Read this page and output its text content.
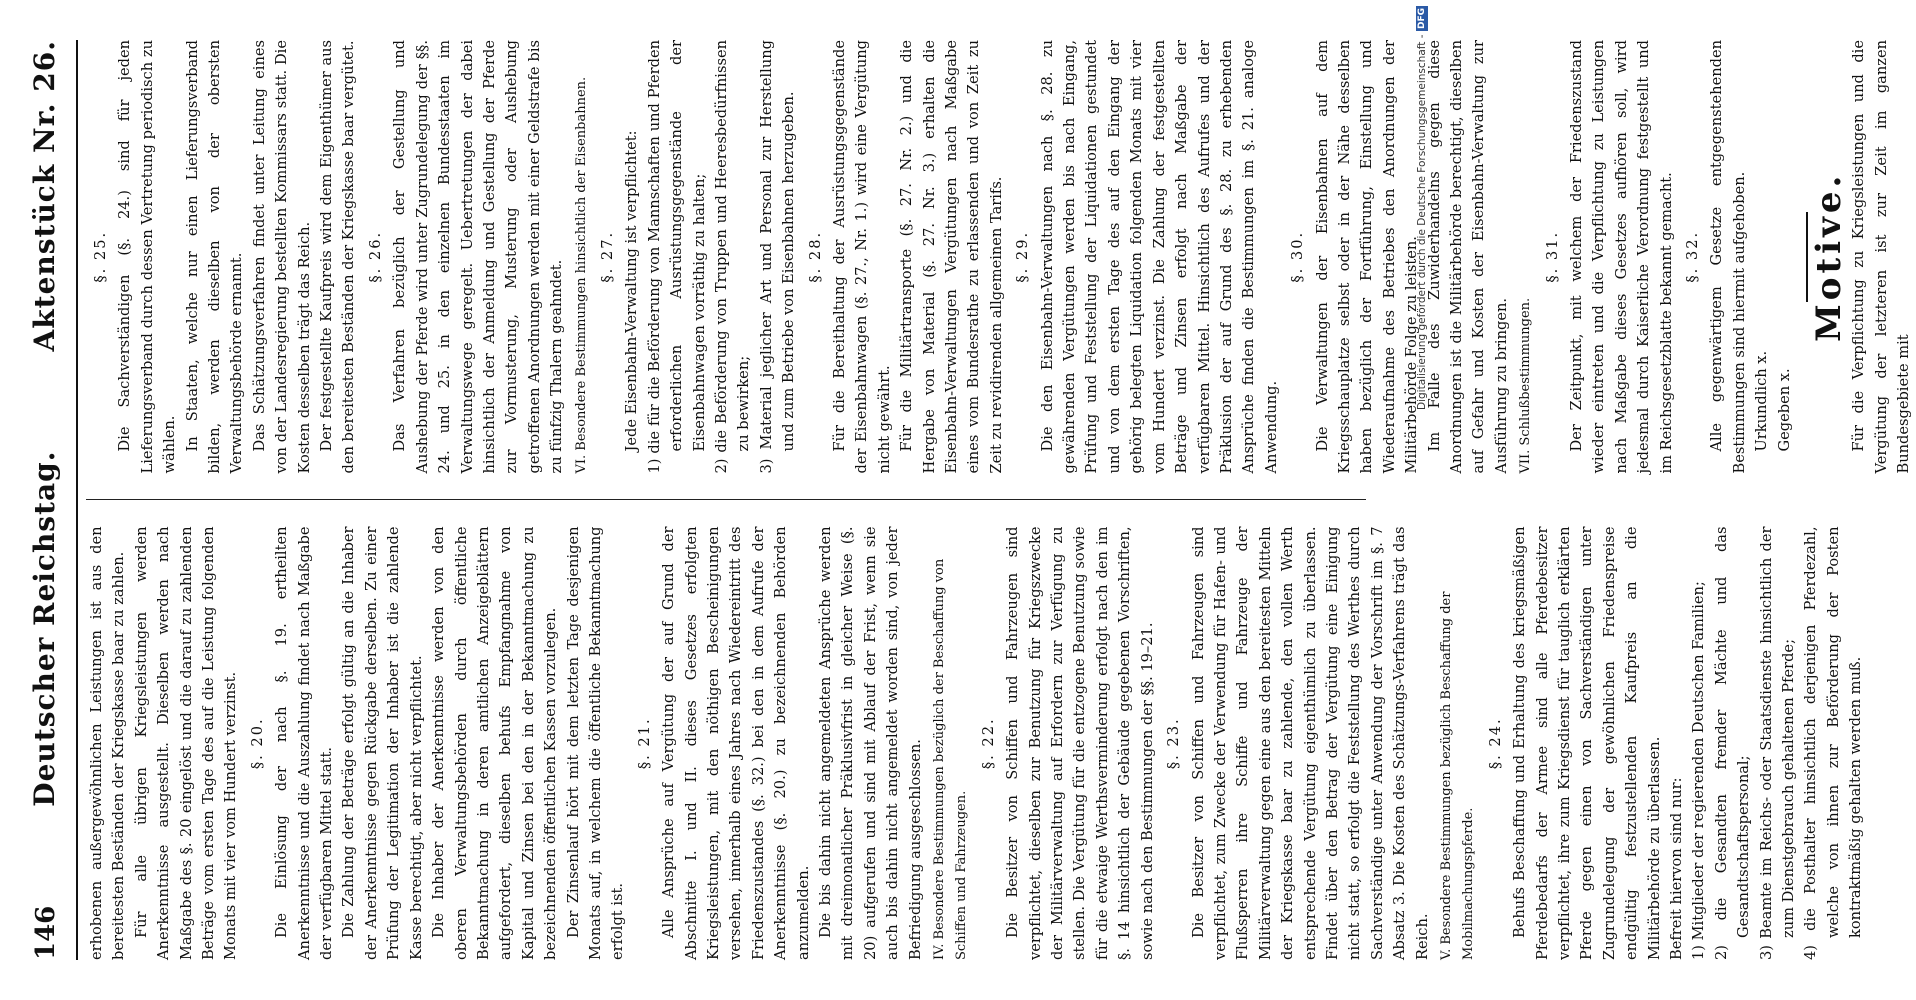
146
Deutscher Reichstag.
Aktenstück Nr. 26.

erhobenen außergewöhnlichen Leistungen ist aus den bereitesten Beständen der Kriegskasse baar zu zahlen. Für alle übrigen Kriegsleistungen werden Anerkenntnisse ausgestellt. Dieselben werden nach Maßgabe des §. 20 eingelöst und die darauf zu zahlenden Beträge vom ersten Tage des auf die Leistung folgenden Monats mit vier vom Hundert verzinst. §. 20. Die Einlösung der nach §. 19. ertheilten Anerkenntnisse und die Auszahlung findet nach Maßgabe der verfügbaren Mittel statt. Die Zahlung der Beträge erfolgt gültig an die Inhaber der Anerkenntnisse gegen Rückgabe derselben. Zu einer Prüfung der Legitimation der Inhaber ist die zahlende Kasse berechtigt, aber nicht verpflichtet. Die Inhaber der Anerkenntnisse werden von den oberen Verwaltungsbehörden durch öffentliche Bekanntmachung in deren amtlichen Anzeigeblättern aufgefordert, dieselben behufs Empfangnahme von Kapital und Zinsen bei den in der Bekanntmachung zu bezeichnenden öffentlichen Kassen vorzulegen. Der Zinsenlauf hört mit dem letzten Tage desjenigen Monats auf, in welchem die öffentliche Bekanntmachung erfolgt ist.

§. 21. Alle Ansprüche auf Vergütung der auf Grund der Abschnitte I. und II. dieses Gesetzes erfolgten Kriegsleistungen, mit den nöthigen Bescheinigungen versehen, innerhalb eines Jahres nach Wiedereintritt des Friedenszustandes (§. 32.) bei den in dem Aufrufe der Anerkenntnisse (§. 20.) zu bezeichnenden Behörden anzumelden. Die bis dahin nicht angemeldeten Ansprüche werden mit dreimonatlicher Präklusivfrist in gleicher Weise (§. 20) aufgerufen und sind mit Ablauf der Frist, wenn sie auch bis dahin nicht angemeldet worden sind, von jeder Befriedigung ausgeschlossen. IV. Besondere Bestimmungen bezüglich der Beschaffung von Schiffen und Fahrzeugen.

§. 22. Die Besitzer von Schiffen und Fahrzeugen sind verpflichtet, dieselben zur Benutzung für Kriegszwecke der Militärverwaltung auf Erfordern zur Verfügung zu stellen. Die Vergütung für die entzogene Benutzung sowie für die etwaige Werthsverminderung erfolgt nach den im §. 14 hinsichtlich der Gebäude gegebenen Vorschriften, sowie nach den Bestimmungen der §§. 19–21. §. 23. Die Besitzer von Schiffen und Fahrzeugen sind verpflichtet, zum Zwecke der Verwendung für Hafen- und Flußsperren ihre Schiffe und Fahrzeuge der Militärverwaltung gegen eine aus den bereitesten Mitteln der Kriegskasse baar zu zahlende, den vollen Werth entsprechende Vergütung eigenthümlich zu überlassen. Findet über den Betrag der Vergütung eine Einigung nicht statt, so erfolgt die Feststellung des Werthes durch Sachverständige unter Anwendung der Vorschrift im §. 7 Absatz 3. Die Kosten des Schätzungs-Verfahrens trägt das Reich. V. Besondere Bestimmungen bezüglich Beschaffung der Mobilmachungspferde.

§. 24. Behufs Beschaffung und Erhaltung des kriegsmäßigen Pferdebedarfs der Armee sind alle Pferdebesitzer verpflichtet, ihre zum Kriegsdienst für tauglich erklärten Pferde gegen einen von Sachverständigen unter Zugrundelegung der gewöhnlichen Friedenspreise endgültig festzustellenden Kaufpreis an die Militärbehörde zu überlassen. Befreit hiervon sind nur: 1) Mitglieder der regierenden Deutschen Familien; 2) die Gesandten fremder Mächte und das Gesandtschaftspersonal; 3) Beamte im Reichs- oder Staatsdienste hinsichtlich der zum Dienstgebrauch gehaltenen Pferde; 4) die Posthalter hinsichtlich derjenigen Pferdezahl, welche von ihnen zur Beförderung der Posten kontraktmäßig gehalten werden muß.

§. 25. Die Sachverständigen (§. 24.) sind für jeden Lieferungsverband durch dessen Vertretung periodisch zu wählen. In Staaten, welche nur einen Lieferungsverband bilden, werden dieselben von der obersten Verwaltungsbehörde ernannt. Das Schätzungsverfahren findet unter Leitung eines von der Landesregierung bestellten Kommissars statt. Die Kosten desselben trägt das Reich. Der festgestellte Kaufpreis wird dem Eigenthümer aus den bereitesten Beständen der Kriegskasse baar vergütet. §. 26. Das Verfahren bezüglich der Gestellung und Aushebung der Pferde wird unter Zugrundelegung der §§. 24. und 25. in den einzelnen Bundesstaaten im Verwaltungswege geregelt. Uebertretungen der dabei hinsichtlich der Anmeldung und Gestellung der Pferde zur Vormusterung, Musterung oder Aushebung getroffenen Anordnungen werden mit einer Geldstrafe bis zu fünfzig Thalern geahndet. VI. Besondere Bestimmungen hinsichtlich der Eisenbahnen. §. 27. Jede Eisenbahn-Verwaltung ist verpflichtet: 1) die für die Beförderung von Mannschaften und Pferden erforderlichen Ausrüstungsgegenstände der Eisenbahnwagen vorräthig zu halten; 2) die Beförderung von Truppen und Heeresbedürfnissen zu bewirken; 3) Material jeglicher Art und Personal zur Herstellung und zum Betriebe von Eisenbahnen herzugeben. §. 28. Für die Bereithaltung der Ausrüstungsgegenstände der Eisenbahnwagen (§. 27., Nr. 1.) wird eine Vergütung nicht gewährt. Für die Militärtransporte (§. 27. Nr. 2.) und die Hergabe von Material (§. 27. Nr. 3.) erhalten die Eisenbahn-Verwaltungen Vergütungen nach Maßgabe eines vom Bundesrathe zu erlassenden und von Zeit zu Zeit zu revidirenden allgemeinen Tarifs. §. 29. Die den Eisenbahn-Verwaltungen nach §. 28. zu gewährenden Vergütungen werden bis nach Eingang, Prüfung und Feststellung der Liquidationen gestundet und von dem ersten Tage des auf den Eingang der gehörig belegten Liquidation folgenden Monats mit vier vom Hundert verzinst. Die Zahlung der festgestellten Beträge und Zinsen erfolgt nach Maßgabe der verfügbaren Mittel. Hinsichtlich des Aufrufes und der Präklusion der auf Grund des §. 28. zu erhebenden Ansprüche finden die Bestimmungen im §. 21. analoge Anwendung.

§. 30. Die Verwaltungen der Eisenbahnen auf dem Kriegsschauplatze selbst oder in der Nähe desselben haben bezüglich der Fortführung, Einstellung und Wiederaufnahme des Betriebes den Anordnungen der Militärbehörde Folge zu leisten. Im Falle des Zuwiderhandelns gegen diese Anordnungen ist die Militärbehörde berechtigt, dieselben auf Gefahr und Kosten der Eisenbahn-Verwaltung zur Ausführung zu bringen. VII. Schlußbestimmungen.

§. 31. Der Zeitpunkt, mit welchem der Friedenszustand wieder eintreten und die Verpflichtung zu Leistungen nach Maßgabe dieses Gesetzes aufhören soll, wird jedesmal durch Kaiserliche Verordnung festgestellt und im Reichsgesetzblatte bekannt gemacht. §. 32. Alle gegenwärtigem Gesetze entgegenstehenden Bestimmungen sind hiermit aufgehoben. Urkundlich x. Gegeben x.

Motive. Für die Verpflichtung zu Kriegsleistungen und die Vergütung der letzteren ist zur Zeit im ganzen Bundesgebiete mit

Digitalisierung gefördert durch die Deutsche Forschungsgemeinschaft - DFG
